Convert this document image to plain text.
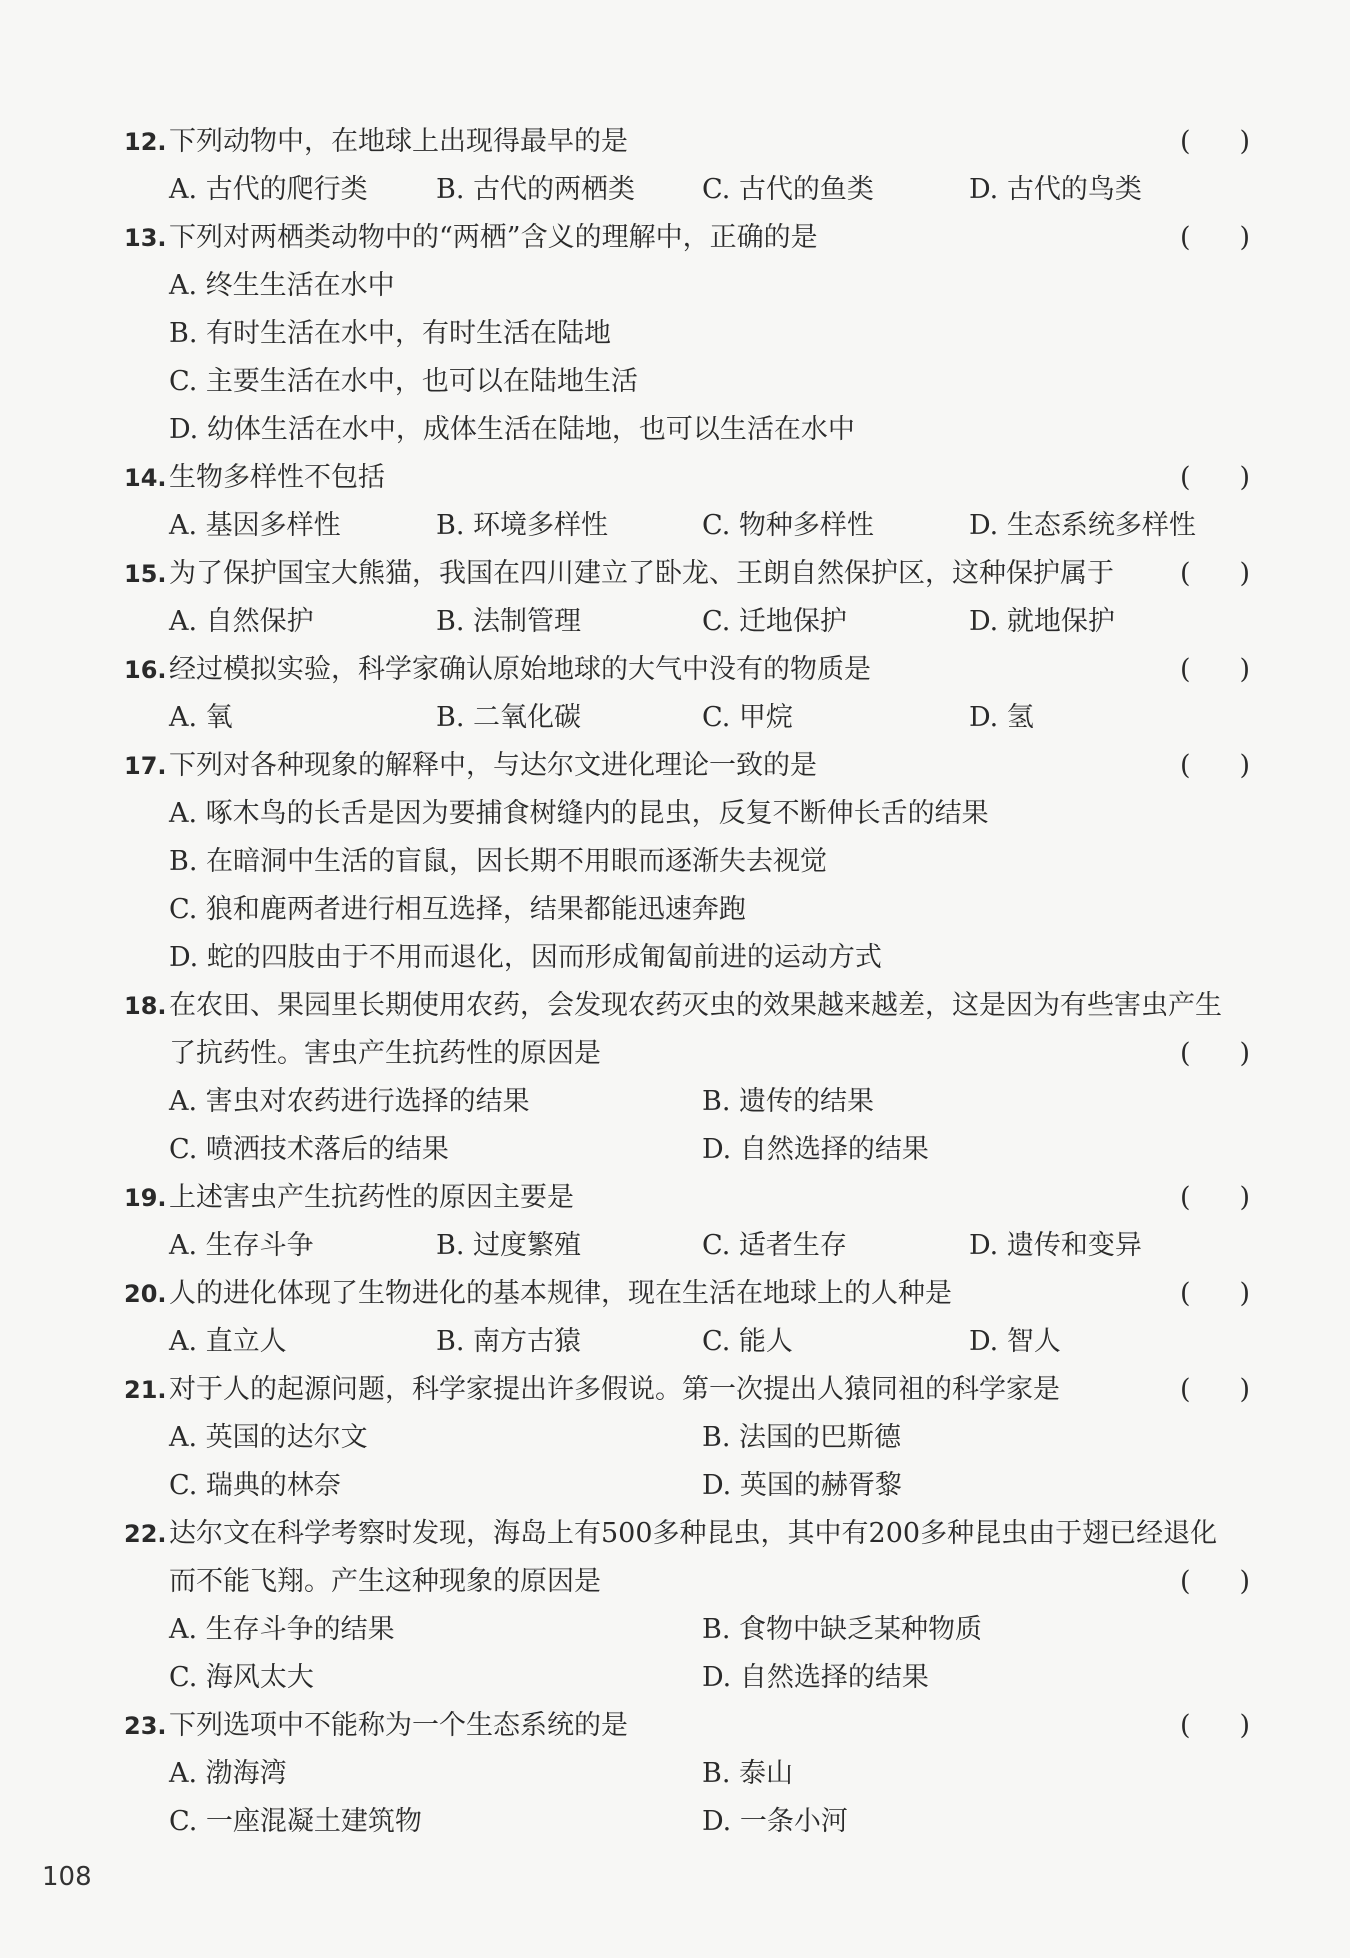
12. 下列动物中，在地球上出现得最早的是	( )
A. 古代的爬行类	B. 古代的两栖类 C. 古代的鱼类	D. 古代的鸟类
13. 下列对两栖类动物中的“两栖”含义的理解中，正确的是	( )
A. 终生生活在水中
B. 有时生活在水中，有时生活在陆地
C. 主要生活在水中，也可以在陆地生活
D. 幼体生活在水中，成体生活在陆地，也可以生活在水中
14. 生物多样性不包括	( )
A. 基因多样性	B. 环境多样性	C. 物种多样性	D. 生态系统多样性
15. 为了保护国宝大熊猫，我国在四川建立了卧龙、王朗自然保护区，这种保护属于 ( )
A. 自然保护	B. 法制管理	C. 迁地保护	D. 就地保护
16. 经过模拟实验，科学家确认原始地球的大气中没有的物质是	( )
A. 氧	B. 二氧化碳	C. 甲烷	D. 氢
17. 下列对各种现象的解释中，与达尔文进化理论一致的是	( )
A. 啄木鸟的长舌是因为要捕食树缝内的昆虫，反复不断伸长舌的结果
B. 在暗洞中生活的盲鼠，因长期不用眼而逐渐失去视觉
C. 狼和鹿两者进行相互选择，结果都能迅速奔跑
D. 蛇的四肢由于不用而退化，因而形成匍匐前进的运动方式
18. 在农田、果园里长期使用农药，会发现农药灭虫的效果越来越差，这是因为有些害虫产生
了抗药性。害虫产生抗药性的原因是	( )
A. 害虫对农药进行选择的结果	B. 遗传的结果
C. 喷洒技术落后的结果	D. 自然选择的结果
19. 上述害虫产生抗药性的原因主要是	( )
A. 生存斗争	B. 过度繁殖	C. 适者生存	D. 遗传和变异
20. 人的进化体现了生物进化的基本规律，现在生活在地球上的人种是	( )
A. 直立人	B. 南方古猿	C. 能人	D. 智人
21. 对于人的起源问题，科学家提出许多假说。第一次提出人猿同祖的科学家是	( )
A. 英国的达尔文	B. 法国的巴斯德
C. 瑞典的林奈	D. 英国的赫胥黎
22. 达尔文在科学考察时发现，海岛上有500多种昆虫，其中有200多种昆虫由于翅已经退化
而不能飞翔。产生这种现象的原因是	( )
A. 生存斗争的结果	B. 食物中缺乏某种物质
C. 海风太大	D. 自然选择的结果
23. 下列选项中不能称为一个生态系统的是	( )
A. 渤海湾	B. 泰山
C. 一座混凝土建筑物	D. 一条小河
108
